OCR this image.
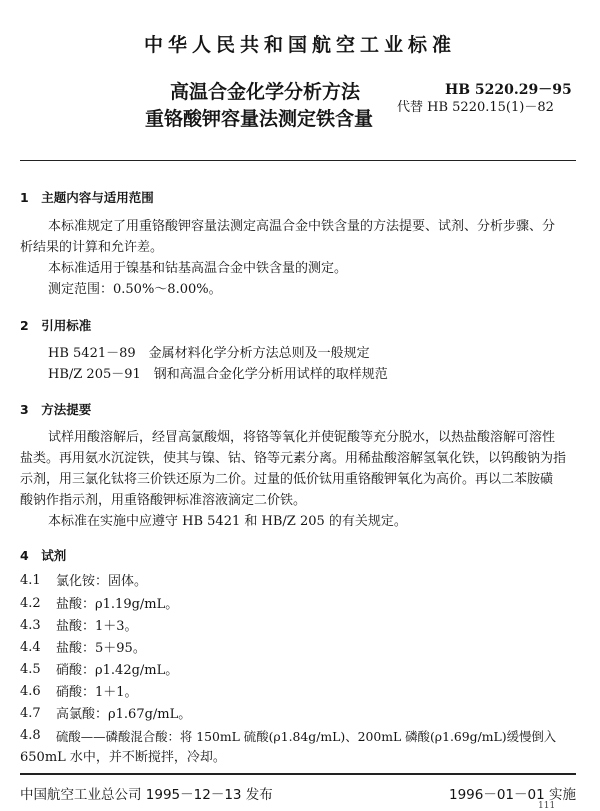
中华人民共和国航空工业标准
高温合金化学分析方法
重铬酸钾容量法测定铁含量
HB 5220.29－95
代替 HB 5220.15(1)－82
1　主题内容与适用范围
本标准规定了用重铬酸钾容量法测定高温合金中铁含量的方法提要、试剂、分析步骤、分
析结果的计算和允许差。
本标准适用于镍基和钴基高温合金中铁含量的测定。
测定范围：0.50%～8.00%。
2　引用标准
HB 5421－89　金属材料化学分析方法总则及一般规定
HB/Z 205－91　钢和高温合金化学分析用试样的取样规范
3　方法提要
试样用酸溶解后，经冒高氯酸烟，将铬等氧化并使铌酸等充分脱水，以热盐酸溶解可溶性
盐类。再用氨水沉淀铁，使其与镍、钴、铬等元素分离。用稀盐酸溶解氢氧化铁，以钨酸钠为指
示剂，用三氯化钛将三价铁还原为二价。过量的低价钛用重铬酸钾氧化为高价。再以二苯胺磺
酸钠作指示剂，用重铬酸钾标准溶液滴定二价铁。
本标准在实施中应遵守 HB 5421 和 HB/Z 205 的有关规定。
4　试剂
4.1 氯化铵：固体。
4.2 盐酸：ρ1.19g/mL。
4.3 盐酸：1＋3。
4.4 盐酸：5＋95。
4.5 硝酸：ρ1.42g/mL。
4.6 硝酸：1＋1。
4.7 高氯酸：ρ1.67g/mL。
4.8 硫酸——磷酸混合酸：将 150mL 硫酸(ρ1.84g/mL)、200mL 磷酸(ρ1.69g/mL)缓慢倒入
650mL 水中，并不断搅拌，冷却。
中国航空工业总公司 1995－12－13 发布	1996－01－01 实施
111
